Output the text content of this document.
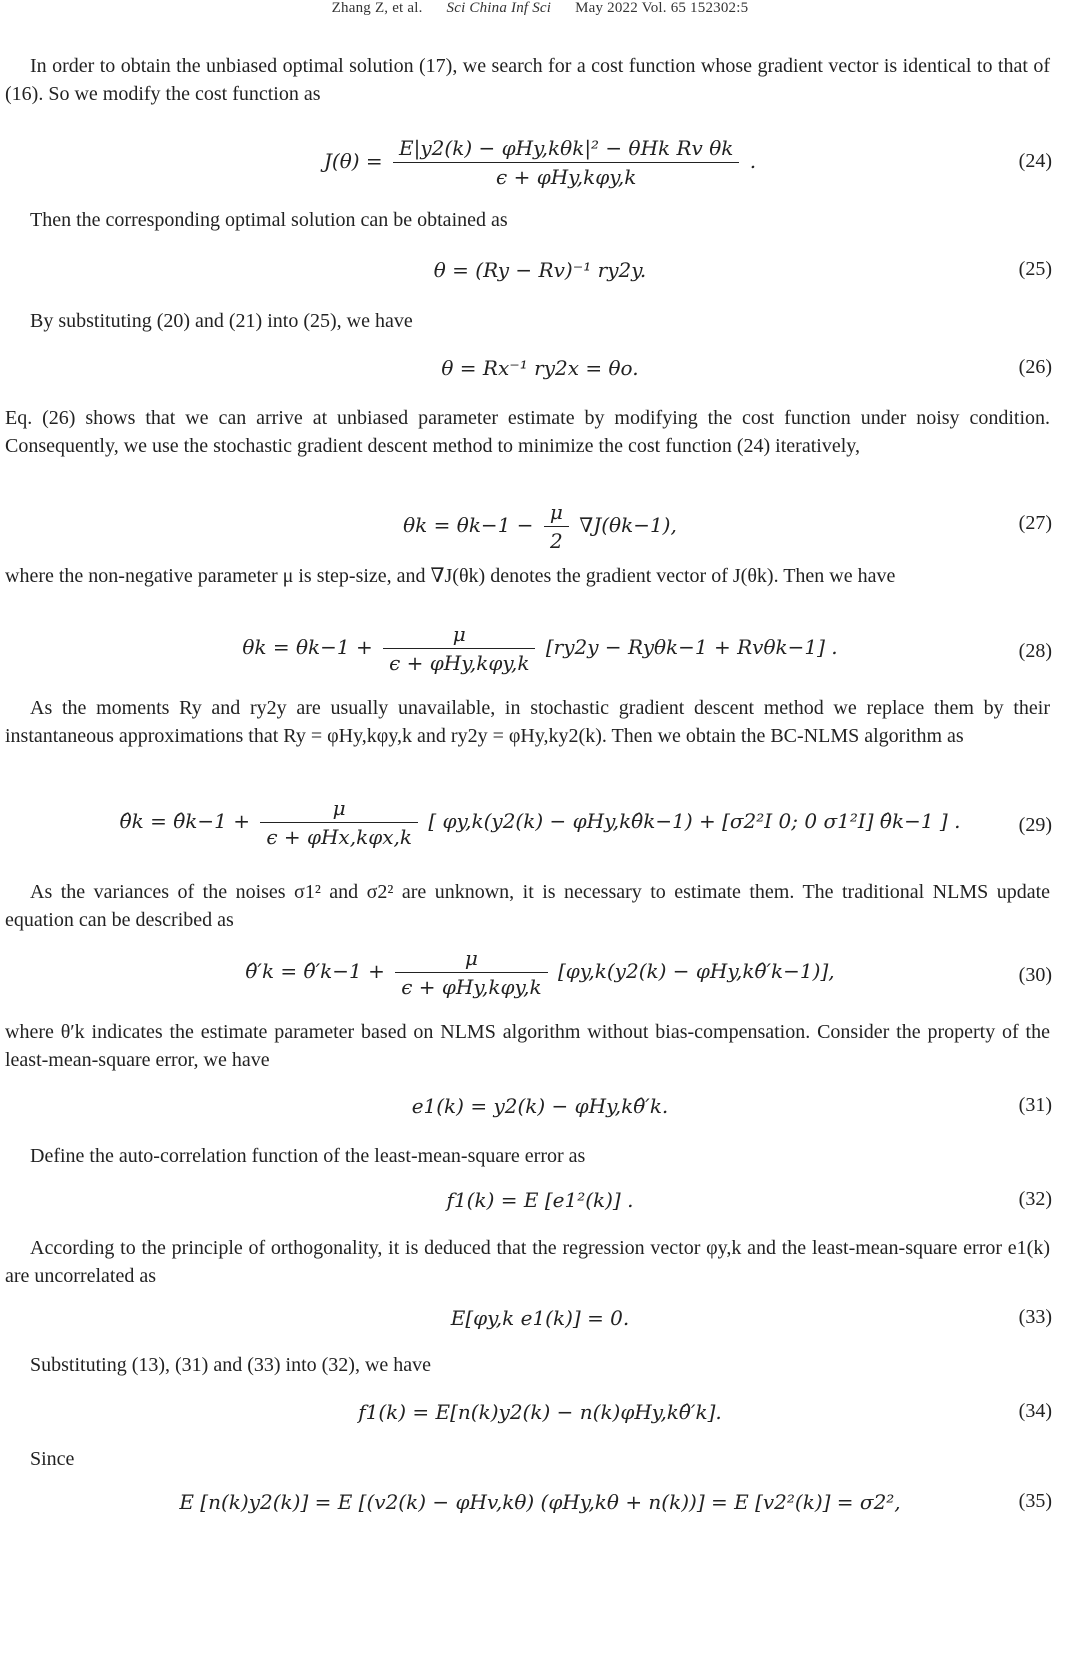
Zhang Z, et al. Sci China Inf Sci May 2022 Vol. 65 152302:5

In order to obtain the unbiased optimal solution (17), we search for a cost function whose gradient vector is identical to that of (16). So we modify the cost function as

$J(\theta) = \frac{\text{E|y2(k) − φHy,kθk|² − θHk Rv θk}}{\text{ϵ + φHy,kφy,k}}$ .	(24)

Then the corresponding optimal solution can be obtained as

θ = (Ry − Rv)⁻¹ ry2y.	(25)

By substituting (20) and (21) into (25), we have

θ = Rx⁻¹ ry2x = θo.	(26)

Eq. (26) shows that we can arrive at unbiased parameter estimate by modifying the cost function under noisy condition. Consequently, we use the stochastic gradient descent method to minimize the cost function (24) iteratively,

$\theta k = \theta k-1 - \frac{\mu}{2} \nabla J(\theta k-1)$,	(27)

where the non-negative parameter μ is step-size, and ∇J(θk) denotes the gradient vector of J(θk). Then we have

$\theta k = \theta k-1 + \frac{\mu}{\text{ϵ + φHy,kφy,k}} [ry2y - Ry\theta k-1 + Rv\theta k-1]$ .	(28)

As the moments Ry and ry2y are usually unavailable, in stochastic gradient descent method we replace them by their instantaneous approximations that Ry = φHy,kφy,k and ry2y = φHy,ky2(k). Then we obtain the BC-NLMS algorithm as

θ̂k = θ̂k−1 + $\frac{\mu}{\text{ϵ + φHx,kφx,k}}$ [ φy,k(y2(k) − φHy,kθ̂k−1) + [σ2²I 0; 0 σ1²I] θ̂k−1 ] .	(29)

As the variances of the noises σ1² and σ2² are unknown, it is necessary to estimate them. The traditional NLMS update equation can be described as

θ̂′k = θ̂′k−1 + $\frac{\mu}{\text{ϵ + φHy,kφy,k}} [\varphi y,k(y2(k)$ − φHy,kθ̂′k−1)],	(30)

where θ′k indicates the estimate parameter based on NLMS algorithm without bias-compensation. Consider the property of the least-mean-square error, we have

e1(k) = y2(k) − φHy,kθ̂′k.	(31)

Define the auto-correlation function of the least-mean-square error as

f1(k) = E [e1²(k)] .	(32)

According to the principle of orthogonality, it is deduced that the regression vector φy,k and the least-mean-square error e1(k) are uncorrelated as

E[φy,k e1(k)] = 0.	(33)

Substituting (13), (31) and (33) into (32), we have

f1(k) = E[n(k)y2(k) − n(k)φHy,kθ̂′k].	(34)

Since

E [n(k)y2(k)] = E [(v2(k) − φHv,kθ) (φHy,kθ + n(k))] = E [v2²(k)] = σ2²,	(35)
